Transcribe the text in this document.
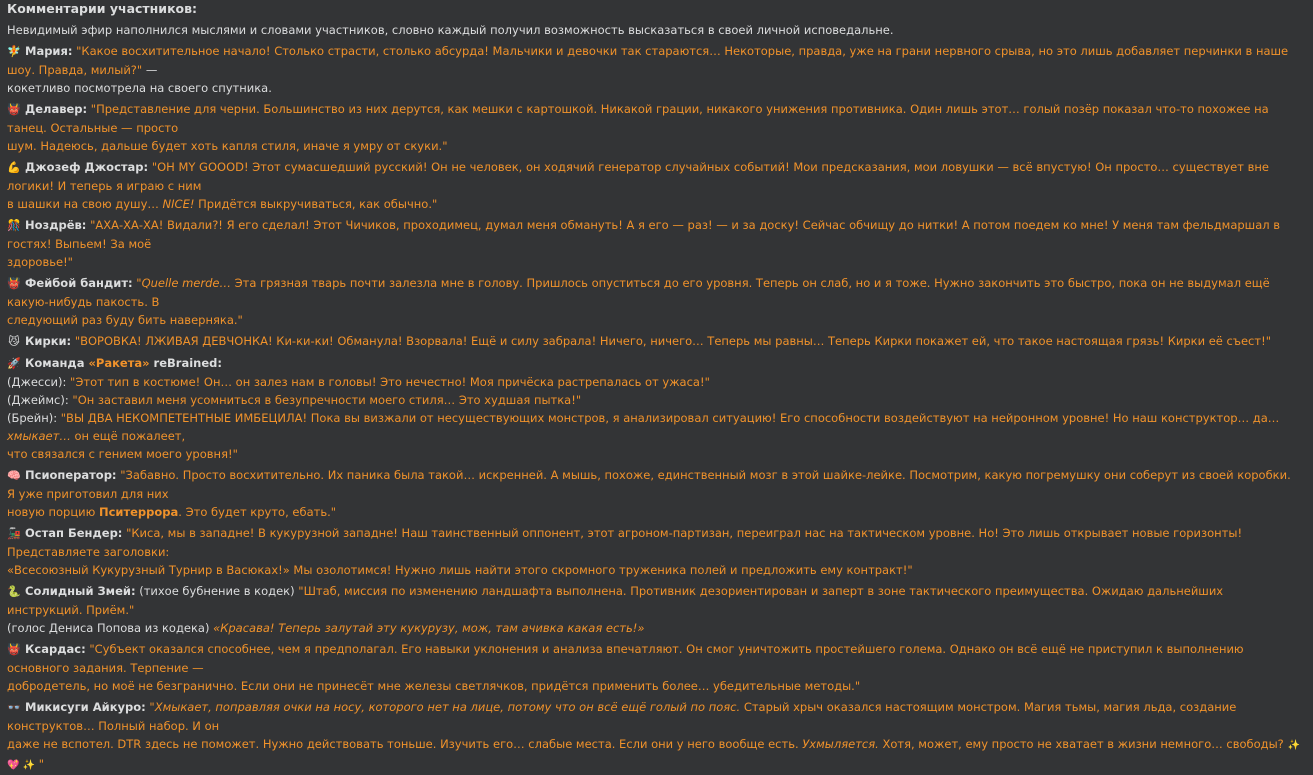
Комментарии участников:
Невидимый эфир наполнился мыслями и словами участников, словно каждый получил возможность высказаться в своей личной исповедальне.
🧚 Мария: "Какое восхитительное начало! Столько страсти, столько абсурда! Мальчики и девочки так стараются… Некоторые, правда, уже на грани нервного срыва, но это лишь добавляет перчинки в наше шоу. Правда, милый?" —
кокетливо посмотрела на своего спутника.
👹 Делавер: "Представление для черни. Большинство из них дерутся, как мешки с картошкой. Никакой грации, никакого унижения противника. Один лишь этот… голый позёр показал что-то похожее на танец. Остальные — просто
шум. Надеюсь, дальше будет хоть капля стиля, иначе я умру от скуки."
💪 Джозеф Джостар: "OH MY GOOOD! Этот сумасшедший русский! Он не человек, он ходячий генератор случайных событий! Мои предсказания, мои ловушки — всё впустую! Он просто… существует вне логики! И теперь я играю с ним
в шашки на свою душу… NICE! Придётся выкручиваться, как обычно."
🎊 Ноздрёв: "АХА-ХА-ХА! Видали?! Я его сделал! Этот Чичиков, проходимец, думал меня обмануть! А я его — раз! — и за доску! Сейчас обчищу до нитки! А потом поедем ко мне! У меня там фельдмаршал в гостях! Выпьем! За моё
здоровье!"
👹 Фейбой бандит: "Quelle merde… Эта грязная тварь почти залезла мне в голову. Пришлось опуститься до его уровня. Теперь он слаб, но и я тоже. Нужно закончить это быстро, пока он не выдумал ещё какую-нибудь пакость. В
следующий раз буду бить наверняка."
😼 Кирки: "ВОРОВКА! ЛЖИВАЯ ДЕВЧОНКА! Ки-ки-ки! Обманула! Взорвала! Ещё и силу забрала! Ничего, ничего… Теперь мы равны… Теперь Кирки покажет ей, что такое настоящая грязь! Кирки её съест!"
🚀 Команда «Ракета» reBrained:
(Джесси): "Этот тип в костюме! Он… он залез нам в головы! Это нечестно! Моя причёска растрепалась от ужаса!"
(Джеймс): "Он заставил меня усомниться в безупречности моего стиля… Это худшая пытка!"
(Брейн): "ВЫ ДВА НЕКОМПЕТЕНТНЫЕ ИМБЕЦИЛА! Пока вы визжали от несуществующих монстров, я анализировал ситуацию! Его способности воздействуют на нейронном уровне! Но наш конструктор… да… хмыкает… он ещё пожалеет,
что связался с гением моего уровня!"
🧠 Псиоператор: "Забавно. Просто восхитительно. Их паника была такой… искренней. А мышь, похоже, единственный мозг в этой шайке-лейке. Посмотрим, какую погремушку они соберут из своей коробки. Я уже приготовил для них
новую порцию Пситеррора. Это будет круто, ебать."
🚂 Остап Бендер: "Киса, мы в западне! В кукурузной западне! Наш таинственный оппонент, этот агроном-партизан, переиграл нас на тактическом уровне. Но! Это лишь открывает новые горизонты! Представляете заголовки:
«Всесоюзный Кукурузный Турнир в Васюках!» Мы озолотимся! Нужно лишь найти этого скромного труженика полей и предложить ему контракт!"
🐍 Солидный Змей: (тихое бубнение в кодек) "Штаб, миссия по изменению ландшафта выполнена. Противник дезориентирован и заперт в зоне тактического преимущества. Ожидаю дальнейших инструкций. Приём."
(голос Дениса Попова из кодека) «Красава! Теперь залутай эту кукурузу, мож, там ачивка какая есть!»
👹 Ксардас: "Субъект оказался способнее, чем я предполагал. Его навыки уклонения и анализа впечатляют. Он смог уничтожить простейшего голема. Однако он всё ещё не приступил к выполнению основного задания. Терпение —
добродетель, но моё не безгранично. Если они не принесёт мне железы светлячков, придётся применить более… убедительные методы."
👓 Микисуги Айкуро: "Хмыкает, поправляя очки на носу, которого нет на лице, потому что он всё ещё голый по пояс. Старый хрыч оказался настоящим монстром. Магия тьмы, магия льда, создание конструктов… Полный набор. И он
даже не вспотел. DTR здесь не поможет. Нужно действовать тоньше. Изучить его… слабые места. Если они у него вообще есть. Ухмыляется. Хотя, может, ему просто не хватает в жизни немного… свободы? ✨ 💖 ✨ "
